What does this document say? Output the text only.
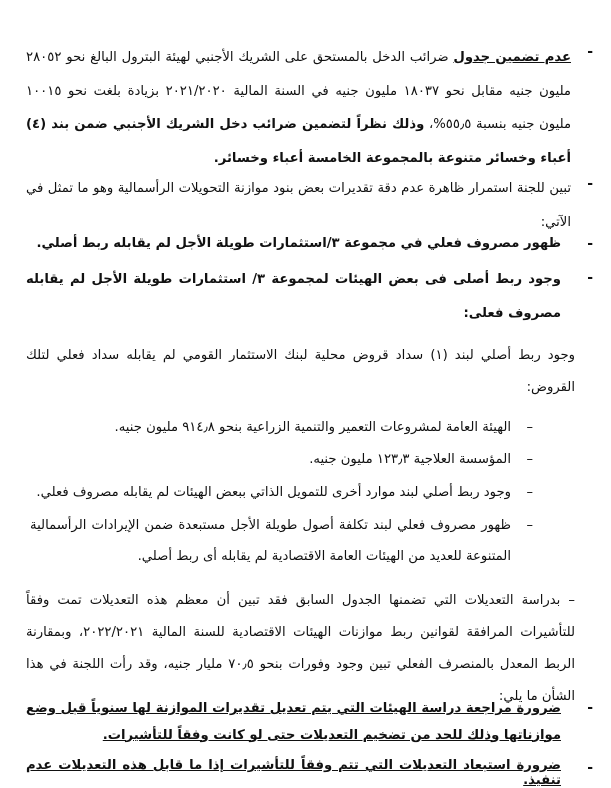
-
عدم تضمين جدول ضرائب الدخل بالمستحق على الشريك الأجنبي لهيئة البترول البالغ نحو ٢٨٠٥٢ مليون جنيه مقابل نحو ١٨٠٣٧ مليون جنيه في السنة المالية ٢٠٢١/٢٠٢٠ بزيادة بلغت نحو ١٠٠١٥ مليون جنيه بنسبة ٥٥٫٥%، وذلك نظراً لتضمين ضرائب دخل الشريك الأجنبي ضمن بند (٤) أعباء وخسائر متنوعة بالمجموعة الخامسة أعباء وخسائر.
-
تبين للجنة استمرار ظاهرة عدم دقة تقديرات بعض بنود موازنة التحويلات الرأسمالية وهو ما تمثل في الآتي:
-
ظهور مصروف فعلي في مجموعة ٣/استثمارات طويلة الأجل لم يقابله ربط أصلي.
-
وجود ربط أصلى فى بعض الهيئات لمجموعة ٣/ استثمارات طويلة الأجل لم يقابله مصروف فعلى:
وجود ربط أصلي لبند (١) سداد قروض محلية لبنك الاستثمار القومي لم يقابله سداد فعلي لتلك القروض:
–
الهيئة العامة لمشروعات التعمير والتنمية الزراعية بنحو ٩١٤٫٨ مليون جنيه.
–
المؤسسة العلاجية ١٢٣٫٣ مليون جنيه.
–
وجود ربط أصلي لبند موارد أخرى للتمويل الذاتي ببعض الهيئات لم يقابله مصروف فعلي.
–
ظهور مصروف فعلي لبند تكلفة أصول طويلة الأجل مستبعدة ضمن الإيرادات الرأسمالية المتنوعة للعديد من الهيئات العامة الاقتصادية لم يقابله أى ربط أصلي.
– بدراسة التعديلات التي تضمنها الجدول السابق فقد تبين أن معظم هذه التعديلات تمت وفقاً للتأشيرات المرافقة لقوانين ربط موازنات الهيئات الاقتصادية للسنة المالية ٢٠٢٢/٢٠٢١، وبمقارنة الربط المعدل بالمنصرف الفعلي تبين وجود وفورات بنحو ٧٠٫٥ مليار جنيه، وقد رأت اللجنة في هذا الشأن ما يلي:
-
ضرورة مراجعة دراسة الهيئات التي يتم تعديل تقديرات الموازنة لها سنوياً قبل وضع موازناتها وذلك للحد من تضخيم التعديلات حتى لو كانت وفقاً للتأشيرات.
-
ضرورة استبعاد التعديلات التي تتم وفقاً للتأشيرات إذا ما قابل هذه التعديلات عدم تنفيذ.
